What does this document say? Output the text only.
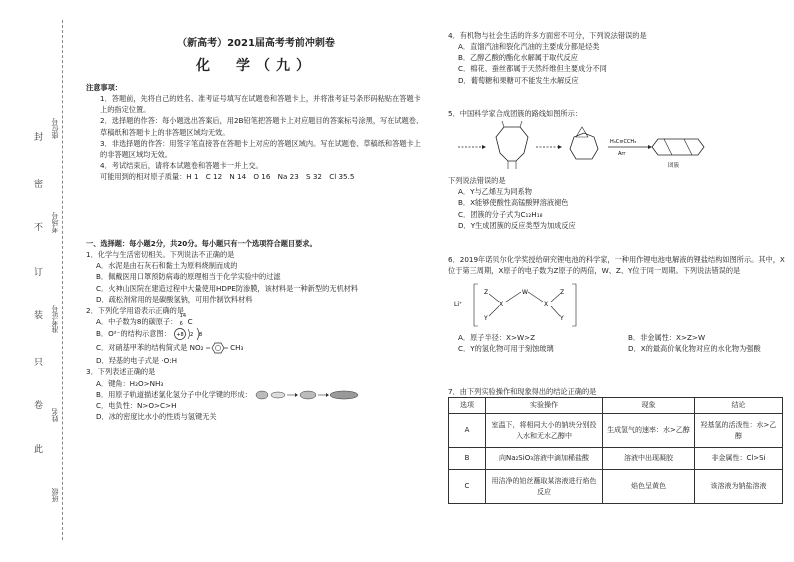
封
密
不
订
装
只
卷
此
座位号
考场号
准考证号
姓名
班级
（新高考）2021届高考考前冲刺卷
化　学（九）

注意事项：

1．答题前，先将自己的姓名、准考证号填写在试题卷和答题卡上，并将准考证号条形码粘贴在答题卡上的指定位置。

2．选择题的作答：每小题选出答案后，用2B铅笔把答题卡上对应题目的答案标号涂黑，写在试题卷、草稿纸和答题卡上的非答题区域均无效。

3．非选择题的作答：用签字笔直接答在答题卡上对应的答题区域内。写在试题卷、草稿纸和答题卡上的非答题区域均无效。

4．考试结束后，请将本试题卷和答题卡一并上交。

可能用到的相对原子质量：H 1　C 12　N 14　O 16　Na 23　S 32　Cl 35.5

一、选择题：每小题2分，共20分。每小题只有一个选项符合题目要求。

1．化学与生活密切相关。下列说法不正确的是

A．水泥是由石灰石和黏土为原料烧制而成的

B．佩戴医用口罩预防病毒的原理相当于化学实验中的过滤

C．火神山医院在建造过程中大量使用HDPE防渗膜，该材料是一种新型的无机材料

D．疏松剂常用的是碳酸氢钠，可用作制饮料材料

2．下列化学用语表示正确的是

A．中子数为8的碳原子：
14
6 C

B．O²⁻的结构示意图： +8 2 8

C．对硝基甲苯的结构简式是 NO₂	CH₃

D．羟基的电子式是 ·O:H

3．下列表述正确的是

A．键角：H₂O>NH₃

B．用原子轨道描述氯化氢分子中化学键的形成：

C．电负性：N>O>C>H

D．冰的密度比水小的性质与氢键无关

4．有机物与社会生活的许多方面密不可分，下列说法错误的是

A．直馏汽油和裂化汽油的主要成分都是烃类

B．乙醇乙酸的酯化水解属于取代反应

C．棉花、蚕丝都属于天然纤维但主要成分不同

D．葡萄糖和果糖可不能发生水解反应

5．中国科学家合成团簇的路线如图所示：

H₃C≡CCH₃
Arr
团簇

下列说法错误的是

A．Y与乙烯互为同系物

B．X能够使酸性高锰酸钾溶液褪色

C．团簇的分子式为C₁₂H₁₈

D．Y生成团簇的反应类型为加成反应

6．2019年诺贝尔化学奖授给研究锂电池的科学家，一种用作锂电池电解液的锂盐结构如图所示。其中，X位于第三周期，X原子的电子数为Z原子的两倍，W、Z、Y位于同一周期。下列说法错误的是

Li⁺
Z
X
W
X
Z
Y	Y
A．原子半径：X>W>Z	B．非金属性：X>Z>W
C．Y的氢化物可用于刻蚀玻璃	D．X的最高价氧化物对应的水化物为强酸

7．由下列实验操作和现象得出的结论正确的是

选项	实验操作	现象	结论
A	室温下，将相同大小的钠块分别投入水和无水乙醇中	生成氢气的速率：水>乙醇	羟基氢的活泼性：水>乙醇
B	向Na₂SiO₃溶液中滴加稀盐酸	溶液中出现凝胶	非金属性：Cl>Si
C	用洁净的铂丝蘸取某溶液进行焰色反应	焰色呈黄色	该溶液为钠盐溶液
